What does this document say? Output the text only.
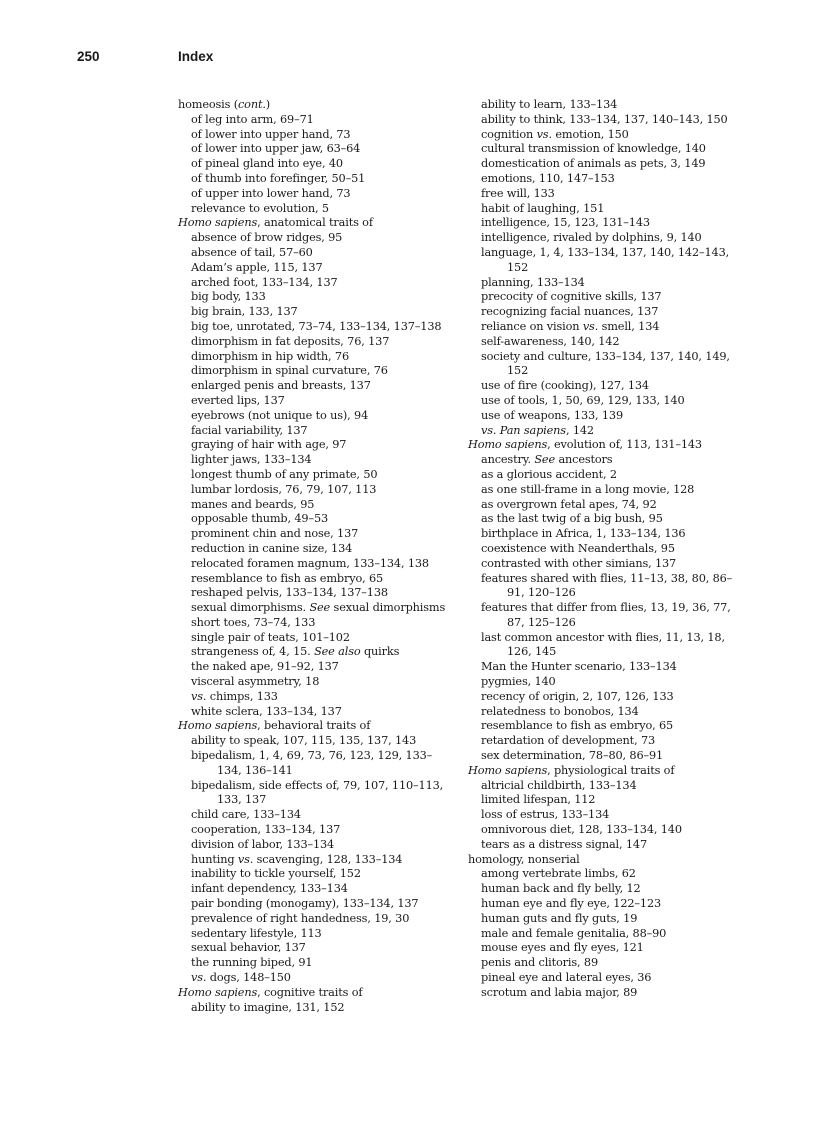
250	Index

homeosis (cont.)

of leg into arm, 69–71

of lower into upper hand, 73

of lower into upper jaw, 63–64

of pineal gland into eye, 40

of thumb into forefinger, 50–51

of upper into lower hand, 73

relevance to evolution, 5

Homo sapiens, anatomical traits of

absence of brow ridges, 95

absence of tail, 57–60

Adam’s apple, 115, 137

arched foot, 133–134, 137

big body, 133

big brain, 133, 137

big toe, unrotated, 73–74, 133–134, 137–138

dimorphism in fat deposits, 76, 137

dimorphism in hip width, 76

dimorphism in spinal curvature, 76

enlarged penis and breasts, 137

everted lips, 137

eyebrows (not unique to us), 94

facial variability, 137

graying of hair with age, 97

lighter jaws, 133–134

longest thumb of any primate, 50

lumbar lordosis, 76, 79, 107, 113

manes and beards, 95

opposable thumb, 49–53

prominent chin and nose, 137

reduction in canine size, 134

relocated foramen magnum, 133–134, 138

resemblance to fish as embryo, 65

reshaped pelvis, 133–134, 137–138

sexual dimorphisms. See sexual dimorphisms

short toes, 73–74, 133

single pair of teats, 101–102

strangeness of, 4, 15. See also quirks

the naked ape, 91–92, 137

visceral asymmetry, 18

vs. chimps, 133

white sclera, 133–134, 137

Homo sapiens, behavioral traits of

ability to speak, 107, 115, 135, 137, 143

bipedalism, 1, 4, 69, 73, 76, 123, 129, 133–134, 136–141

bipedalism, side effects of, 79, 107, 110–113, 133, 137

child care, 133–134

cooperation, 133–134, 137

division of labor, 133–134

hunting vs. scavenging, 128, 133–134

inability to tickle yourself, 152

infant dependency, 133–134

pair bonding (monogamy), 133–134, 137

prevalence of right handedness, 19, 30

sedentary lifestyle, 113

sexual behavior, 137

the running biped, 91

vs. dogs, 148–150

Homo sapiens, cognitive traits of

ability to imagine, 131, 152

ability to learn, 133–134

ability to think, 133–134, 137, 140–143, 150

cognition vs. emotion, 150

cultural transmission of knowledge, 140

domestication of animals as pets, 3, 149

emotions, 110, 147–153

free will, 133

habit of laughing, 151

intelligence, 15, 123, 131–143

intelligence, rivaled by dolphins, 9, 140

language, 1, 4, 133–134, 137, 140, 142–143, 152

planning, 133–134

precocity of cognitive skills, 137

recognizing facial nuances, 137

reliance on vision vs. smell, 134

self-awareness, 140, 142

society and culture, 133–134, 137, 140, 149, 152

use of fire (cooking), 127, 134

use of tools, 1, 50, 69, 129, 133, 140

use of weapons, 133, 139

vs. Pan sapiens, 142

Homo sapiens, evolution of, 113, 131–143

ancestry. See ancestors

as a glorious accident, 2

as one still-frame in a long movie, 128

as overgrown fetal apes, 74, 92

as the last twig of a big bush, 95

birthplace in Africa, 1, 133–134, 136

coexistence with Neanderthals, 95

contrasted with other simians, 137

features shared with flies, 11–13, 38, 80, 86–91, 120–126

features that differ from flies, 13, 19, 36, 77, 87, 125–126

last common ancestor with flies, 11, 13, 18, 126, 145

Man the Hunter scenario, 133–134

pygmies, 140

recency of origin, 2, 107, 126, 133

relatedness to bonobos, 134

resemblance to fish as embryo, 65

retardation of development, 73

sex determination, 78–80, 86–91

Homo sapiens, physiological traits of

altricial childbirth, 133–134

limited lifespan, 112

loss of estrus, 133–134

omnivorous diet, 128, 133–134, 140

tears as a distress signal, 147

homology, nonserial

among vertebrate limbs, 62

human back and fly belly, 12

human eye and fly eye, 122–123

human guts and fly guts, 19

male and female genitalia, 88–90

mouse eyes and fly eyes, 121

penis and clitoris, 89

pineal eye and lateral eyes, 36

scrotum and labia major, 89
